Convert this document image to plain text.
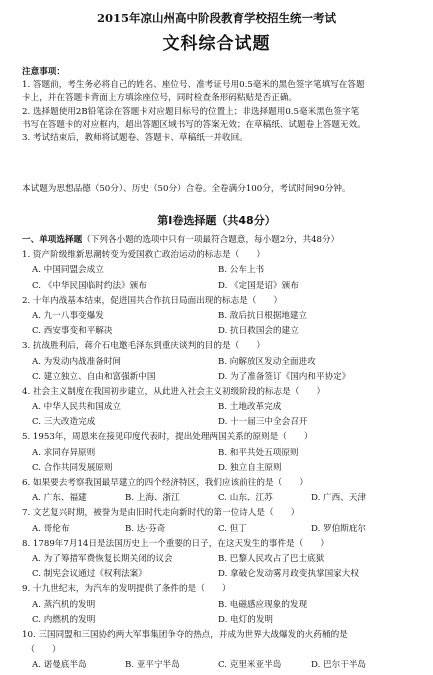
2015年凉山州高中阶段教育学校招生统一考试
文科综合试题
注意事项：
1. 答题前，考生务必将自己的姓名、座位号、准考证号用0.5毫米的黑色签字笔填写在答题
卡上，并在答题卡背面上方填涂座位号，同时检查条形码粘贴是否正确。
2. 选择题使用2B铅笔涂在答题卡对应题目标号的位置上；非选择题用0.5毫米黑色签字笔
书写在答题卡的对应框内，超出答题区域书写的答案无效；在草稿纸、试题卷上答题无效。
3. 考试结束后，教师将试题卷、答题卡、草稿纸一并收回。
本试题为思想品德（50分）、历史（50分）合卷。全卷满分100分，考试时间90分钟。
第Ⅰ卷选择题（共48分）
一、单项选择题（下列各小题的选项中只有一项最符合题意，每小题2分，共48分）
1. 资产阶级维新思潮转变为爱国救亡政治运动的标志是（　　）
A. 中国同盟会成立	B. 公车上书
C. 《中华民国临时约法》颁布	D. 《定国是诏》颁布
2. 十年内战基本结束，促进国共合作抗日局面出现的标志是（　　）
A. 九一八事变爆发	B. 敌后抗日根据地建立
C. 西安事变和平解决	D. 抗日救国会的建立
3. 抗战胜利后，蒋介石电邀毛泽东到重庆谈判的目的是（　　）
A. 为发动内战准备时间	B. 向解放区发动全面进攻
C. 建立独立、自由和富强新中国	D. 为了准备签订《国内和平协定》
4. 社会主义制度在我国初步建立，从此进入社会主义初级阶段的标志是（　　）
A. 中华人民共和国成立	B. 土地改革完成
C. 三大改造完成	D. 十一届三中全会召开
5. 1953年，周恩来在接见印度代表时，提出处理两国关系的原则是（　　）
A. 求同存异原则	B. 和平共处五项原则
C. 合作共同发展原则	D. 独立自主原则
6. 如果要去考察我国最早建立的四个经济特区，我们应该前往的是（　　）
A. 广东、福建	B. 上海、浙江	C. 山东、江苏	D. 广西、天津
7. 文艺复兴时期，被誉为是由旧时代走向新时代的第一位诗人是（　　）
A. 哥伦布	B. 达·芬奇	C. 但丁	D. 罗伯斯庇尔
8. 1789年7月14日是法国历史上一个重要的日子，在这天发生的事件是（　　）
A. 为了筹措军费恢复长期关闭的议会	B. 巴黎人民攻占了巴士底狱
C. 制宪会议通过《权利法案》	D. 拿破仑发动雾月政变执掌国家大权
9. 十九世纪末，为汽车的发明提供了条件的是（　　）
A. 蒸汽机的发明	B. 电磁感应现象的发现
C. 内燃机的发明	D. 电灯的发明
10. 三国同盟和三国协约两大军事集团争夺的热点，并成为世界大战爆发的火药桶的是
　（　　）
A. 诺曼底半岛	B. 亚平宁半岛	C. 克里米亚半岛	D. 巴尔干半岛
